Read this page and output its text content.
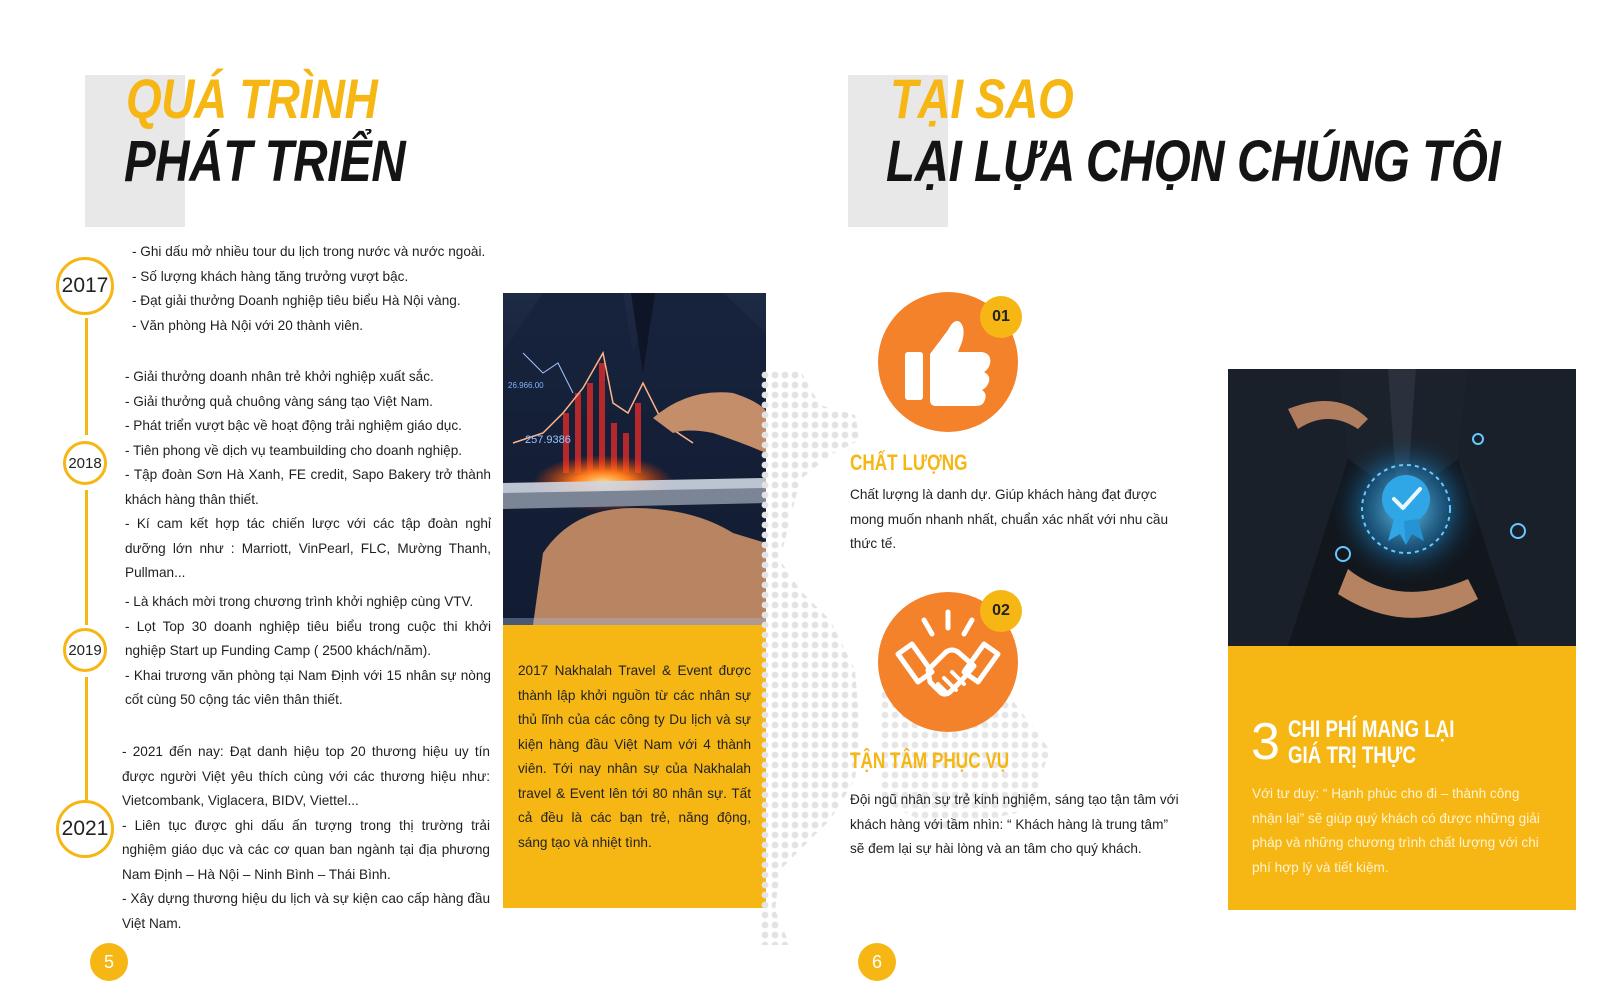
QUÁ TRÌNH
PHÁT TRIỂN
2017
2018
2019
2021

- Ghi dấu mở nhiều tour du lịch trong nước và nước ngoài.

- Số lượng khách hàng tăng trưởng vượt bậc.

- Đạt giải thưởng Doanh nghiệp tiêu biểu Hà Nội vàng.

- Văn phòng Hà Nội với 20 thành viên.

- Giải thưởng doanh nhân trẻ khởi nghiệp xuất sắc.

- Giải thưởng quả chuông vàng sáng tạo Việt Nam.

- Phát triển vượt bậc về hoạt động trải nghiệm giáo dục.

- Tiên phong về dịch vụ teambuilding cho doanh nghiệp.

- Tập đoàn Sơn Hà Xanh, FE credit, Sapo Bakery trở thành khách hàng thân thiết.

- Kí cam kết hợp tác chiến lược với các tập đoàn nghỉ dưỡng lớn như : Marriott, VinPearl, FLC, Mường Thanh, Pullman...

- Là khách mời trong chương trình khởi nghiệp cùng VTV.

- Lọt Top 30 doanh nghiệp tiêu biểu trong cuộc thi khởi nghiệp Start up Funding Camp ( 2500 khách/năm).

- Khai trương văn phòng tại Nam Định với 15 nhân sự nòng cốt cùng 50 cộng tác viên thân thiết.

- 2021 đến nay: Đạt danh hiệu top 20 thương hiệu uy tín được người Việt yêu thích cùng với các thương hiệu như: Vietcombank, Viglacera, BIDV, Viettel...

- Liên tục được ghi dấu ấn tượng trong thị trường trải nghiệm giáo dục và các cơ quan ban ngành tại địa phương Nam Định – Hà Nội – Ninh Bình – Thái Bình.

- Xây dựng thương hiệu du lịch và sự kiện cao cấp hàng đầu Việt Nam.

26.966.00
257.9386
2017 Nakhalah Travel & Event được thành lập khởi nguồn từ các nhân sự thủ lĩnh của các công ty Du lịch và sự kiện hàng đầu Việt Nam với 4 thành viên. Tới nay nhân sự của Nakhalah travel & Event lên tới 80 nhân sự. Tất cả đều là các bạn trẻ, năng động, sáng tạo và nhiệt tình.
5
TẠI SAO
LẠI LỰA CHỌN CHÚNG TÔI
01
CHẤT LƯỢNG
Chất lượng là danh dự. Giúp khách hàng đạt được mong muốn nhanh nhất, chuẩn xác nhất với nhu cầu thức tế.
02
TẬN TÂM PHỤC VỤ
Đội ngũ nhân sự trẻ kinh nghiệm, sáng tạo tận tâm với khách hàng với tầm nhìn: “ Khách hàng là trung tâm” sẽ đem lại sự hài lòng và an tâm cho quý khách.
3 CHI PHÍ MANG LẠI
GIÁ TRỊ THỰC
Với tư duy: “ Hạnh phúc cho đi – thành công nhận lại” sẽ giúp quý khách có được những giải pháp và những chương trình chất lượng với chi phí hợp lý và tiết kiệm.
6
